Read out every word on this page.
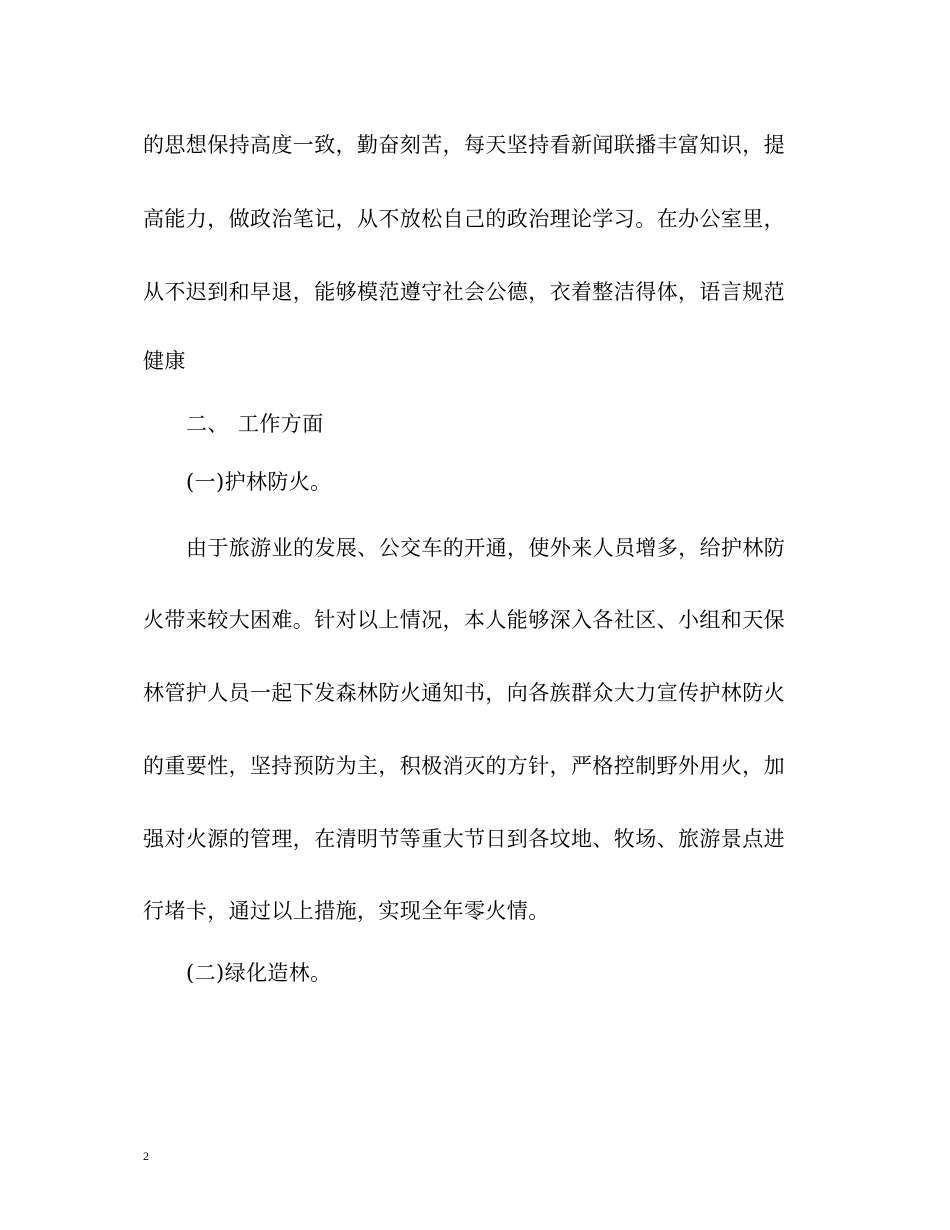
的思想保持高度一致，勤奋刻苦，每天坚持看新闻联播丰富知识，提
高能力，做政治笔记，从不放松自己的政治理论学习。在办公室里，
从不迟到和早退，能够模范遵守社会公德，衣着整洁得体，语言规范
健康
二、 工作方面
(一)护林防火。
由于旅游业的发展、公交车的开通，使外来人员增多，给护林防
火带来较大困难。针对以上情况，本人能够深入各社区、小组和天保
林管护人员一起下发森林防火通知书，向各族群众大力宣传护林防火
的重要性，坚持预防为主，积极消灭的方针，严格控制野外用火，加
强对火源的管理，在清明节等重大节日到各坟地、牧场、旅游景点进
行堵卡，通过以上措施，实现全年零火情。
(二)绿化造林。
2
